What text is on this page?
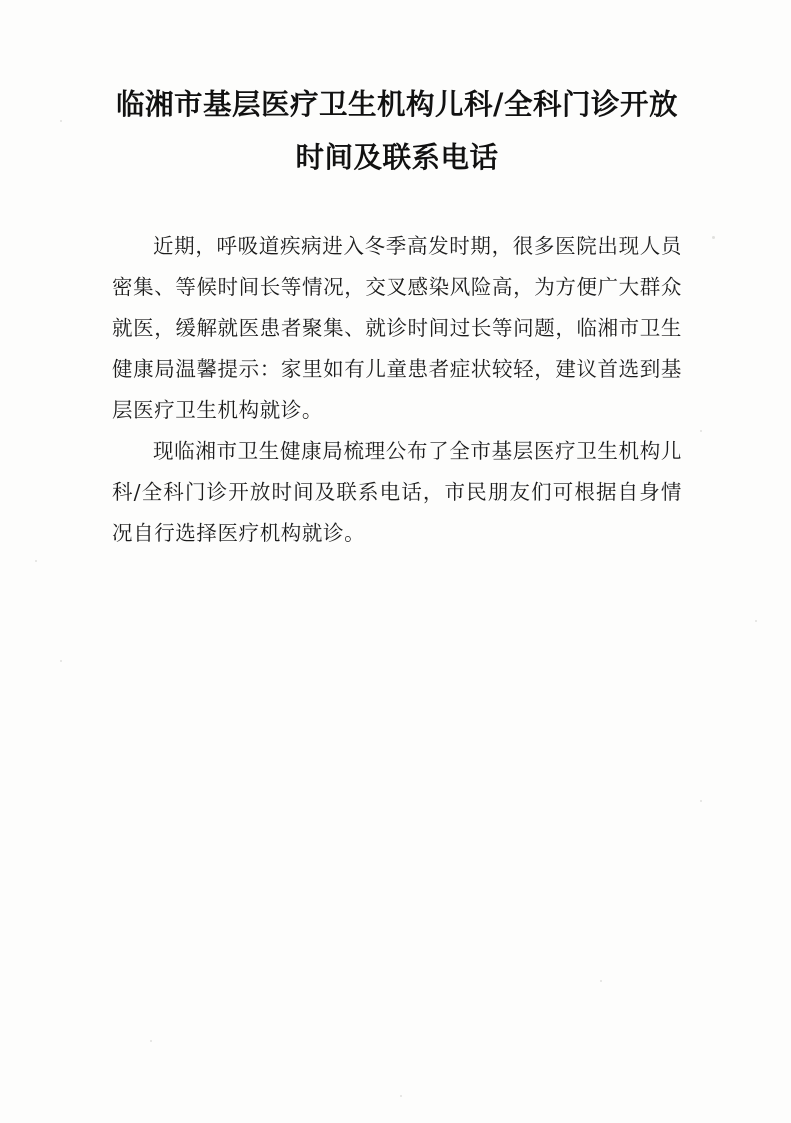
临湘市基层医疗卫生机构儿科/全科门诊开放时间及联系电话

近期，呼吸道疾病进入冬季高发时期，很多医院出现人员密集、等候时间长等情况，交叉感染风险高，为方便广大群众就医，缓解就医患者聚集、就诊时间过长等问题，临湘市卫生健康局温馨提示：家里如有儿童患者症状较轻，建议首选到基层医疗卫生机构就诊。

现临湘市卫生健康局梳理公布了全市基层医疗卫生机构儿科/全科门诊开放时间及联系电话，市民朋友们可根据自身情况自行选择医疗机构就诊。
